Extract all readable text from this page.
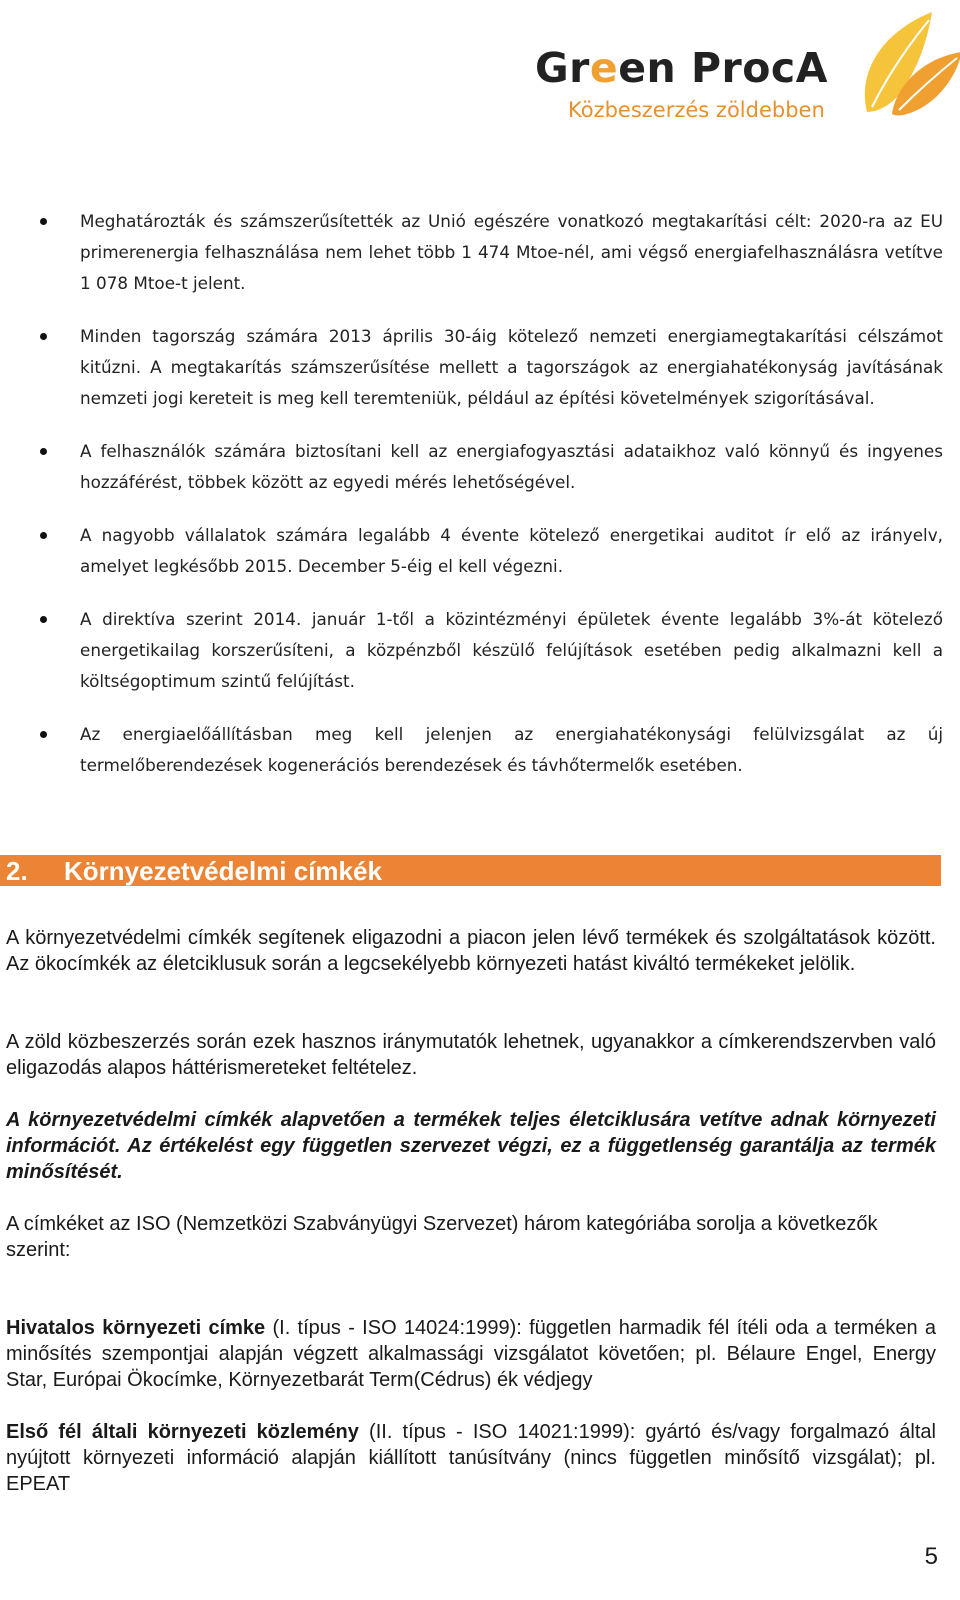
Green ProcA
Közbeszerzés zöldebben
Meghatározták és számszerűsítették az Unió egészére vonatkozó megtakarítási célt: 2020-ra az EU primerenergia felhasználása nem lehet több 1 474 Mtoe-nél, ami végső energiafelhasználásra vetítve 1 078 Mtoe-t jelent.
Minden tagország számára 2013 április 30-áig kötelező nemzeti energiamegtakarítási célszámot kitűzni. A megtakarítás számszerűsítése mellett a tagországok az energiahatékonyság javításának nemzeti jogi kereteit is meg kell teremteniük, például az építési követelmények szigorításával.
A felhasználók számára biztosítani kell az energiafogyasztási adataikhoz való könnyű és ingyenes hozzáférést, többek között az egyedi mérés lehetőségével.
A nagyobb vállalatok számára legalább 4 évente kötelező energetikai auditot ír elő az irányelv, amelyet legkésőbb 2015. December 5-éig el kell végezni.
A direktíva szerint 2014. január 1-től a közintézményi épületek évente legalább 3%-át kötelező energetikailag korszerűsíteni, a közpénzből készülő felújítások esetében pedig alkalmazni kell a költségoptimum szintű felújítást.
Az energiaelőállításban meg kell jelenjen az energiahatékonysági felülvizsgálat az új termelőberendezések kogenerációs berendezések és távhőtermelők esetében.
2. Környezetvédelmi címkék

A környezetvédelmi címkék segítenek eligazodni a piacon jelen lévő termékek és szolgáltatások között. Az ökocímkék az életciklusuk során a legcsekélyebb környezeti hatást kiváltó termékeket jelölik.

A zöld közbeszerzés során ezek hasznos iránymutatók lehetnek, ugyanakkor a címkerendszervben való eligazodás alapos háttérismereteket feltételez.

A környezetvédelmi címkék alapvetően a termékek teljes életciklusára vetítve adnak környezeti információt. Az értékelést egy független szervezet végzi, ez a függetlenség garantálja az termék minősítését.

A címkéket az ISO (Nemzetközi Szabványügyi Szervezet) három kategóriába sorolja a következők
szerint:

Hivatalos környezeti címke (I. típus - ISO 14024:1999): független harmadik fél ítéli oda a terméken a minősítés szempontjai alapján végzett alkalmassági vizsgálatot követően; pl. Bélaure Engel, Energy Star, Európai Ökocímke, Környezetbarát Term(Cédrus) ék védjegy

Első fél általi környezeti közlemény (II. típus - ISO 14021:1999): gyártó és/vagy forgalmazó által nyújtott környezeti információ alapján kiállított tanúsítvány (nincs független minősítő vizsgálat); pl. EPEAT

5
